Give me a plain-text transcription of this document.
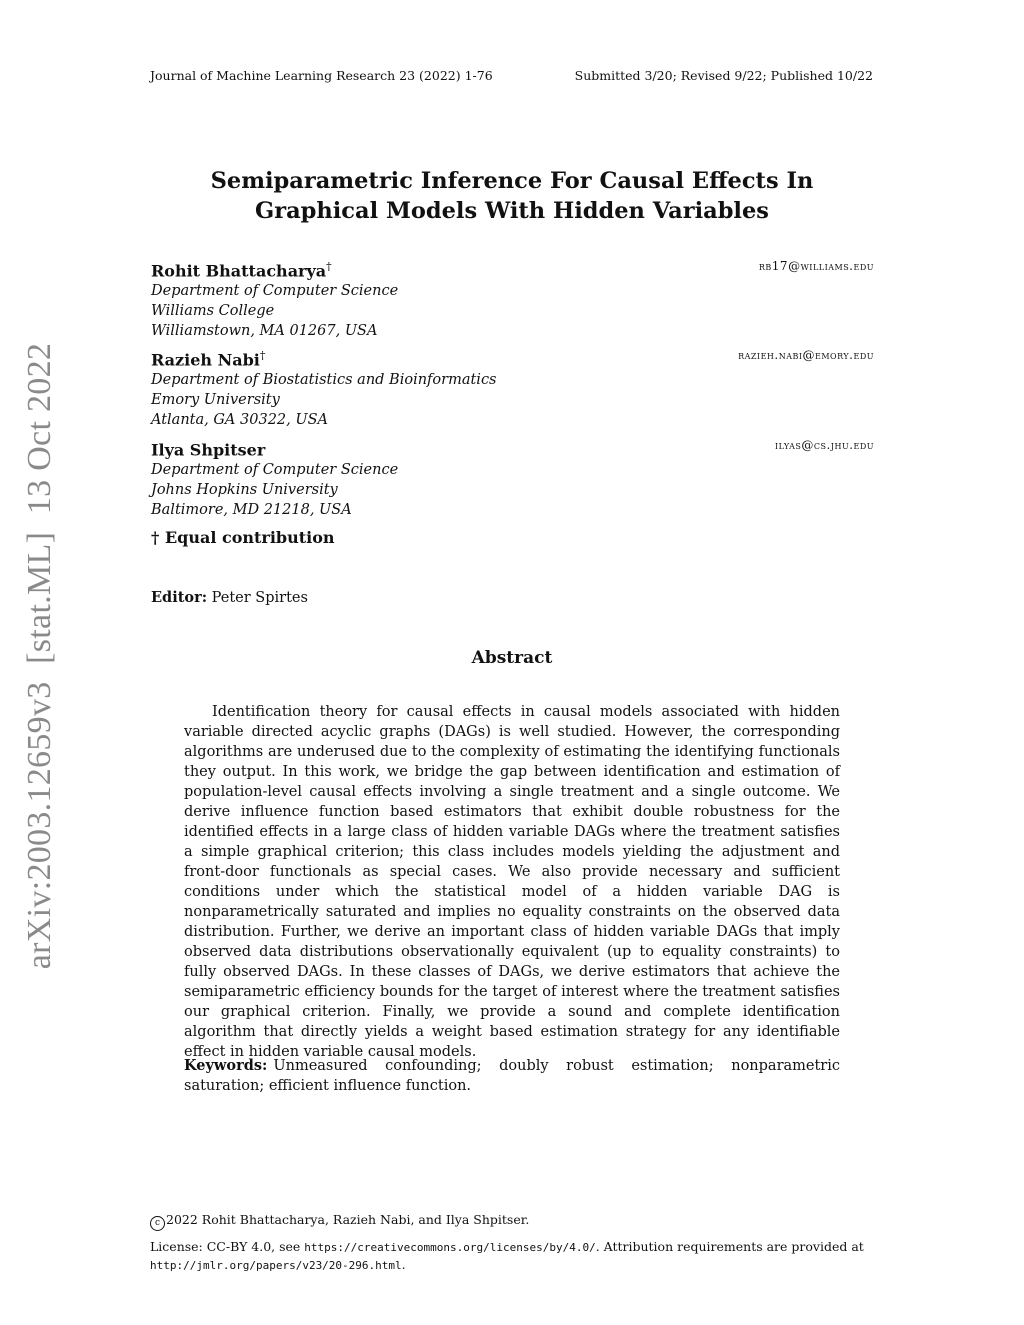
Journal of Machine Learning Research 23 (2022) 1-76	Submitted 3/20; Revised 9/22; Published 10/22
arXiv:2003.12659v3  [stat.ML]  13 Oct 2022
Semiparametric Inference For Causal Effects In
Graphical Models With Hidden Variables
Rohit Bhattacharya†	rb17@williams.edu
Department of Computer Science
Williams College
Williamstown, MA 01267, USA
Razieh Nabi†	razieh.nabi@emory.edu
Department of Biostatistics and Bioinformatics
Emory University
Atlanta, GA 30322, USA
Ilya Shpitser	ilyas@cs.jhu.edu
Department of Computer Science
Johns Hopkins University
Baltimore, MD 21218, USA
† Equal contribution
Editor: Peter Spirtes
Abstract
Identification theory for causal effects in causal models associated with hidden variable directed acyclic graphs (DAGs) is well studied. However, the corresponding algorithms are underused due to the complexity of estimating the identifying functionals they output. In this work, we bridge the gap between identification and estimation of population-level causal effects involving a single treatment and a single outcome. We derive influence function based estimators that exhibit double robustness for the identified effects in a large class of hidden variable DAGs where the treatment satisfies a simple graphical criterion; this class includes models yielding the adjustment and front-door functionals as special cases. We also provide necessary and sufficient conditions under which the statistical model of a hidden variable DAG is nonparametrically saturated and implies no equality constraints on the observed data distribution. Further, we derive an important class of hidden variable DAGs that imply observed data distributions observationally equivalent (up to equality constraints) to fully observed DAGs. In these classes of DAGs, we derive estimators that achieve the semiparametric efficiency bounds for the target of interest where the treatment satisfies our graphical criterion. Finally, we provide a sound and complete identification algorithm that directly yields a weight based estimation strategy for any identifiable effect in hidden variable causal models.
Keywords: Unmeasured confounding; doubly robust estimation; nonparametric saturation; efficient influence function.
c 2022 Rohit Bhattacharya, Razieh Nabi, and Ilya Shpitser.
License: CC-BY 4.0, see https://creativecommons.org/licenses/by/4.0/. Attribution requirements are provided at http://jmlr.org/papers/v23/20-296.html.
